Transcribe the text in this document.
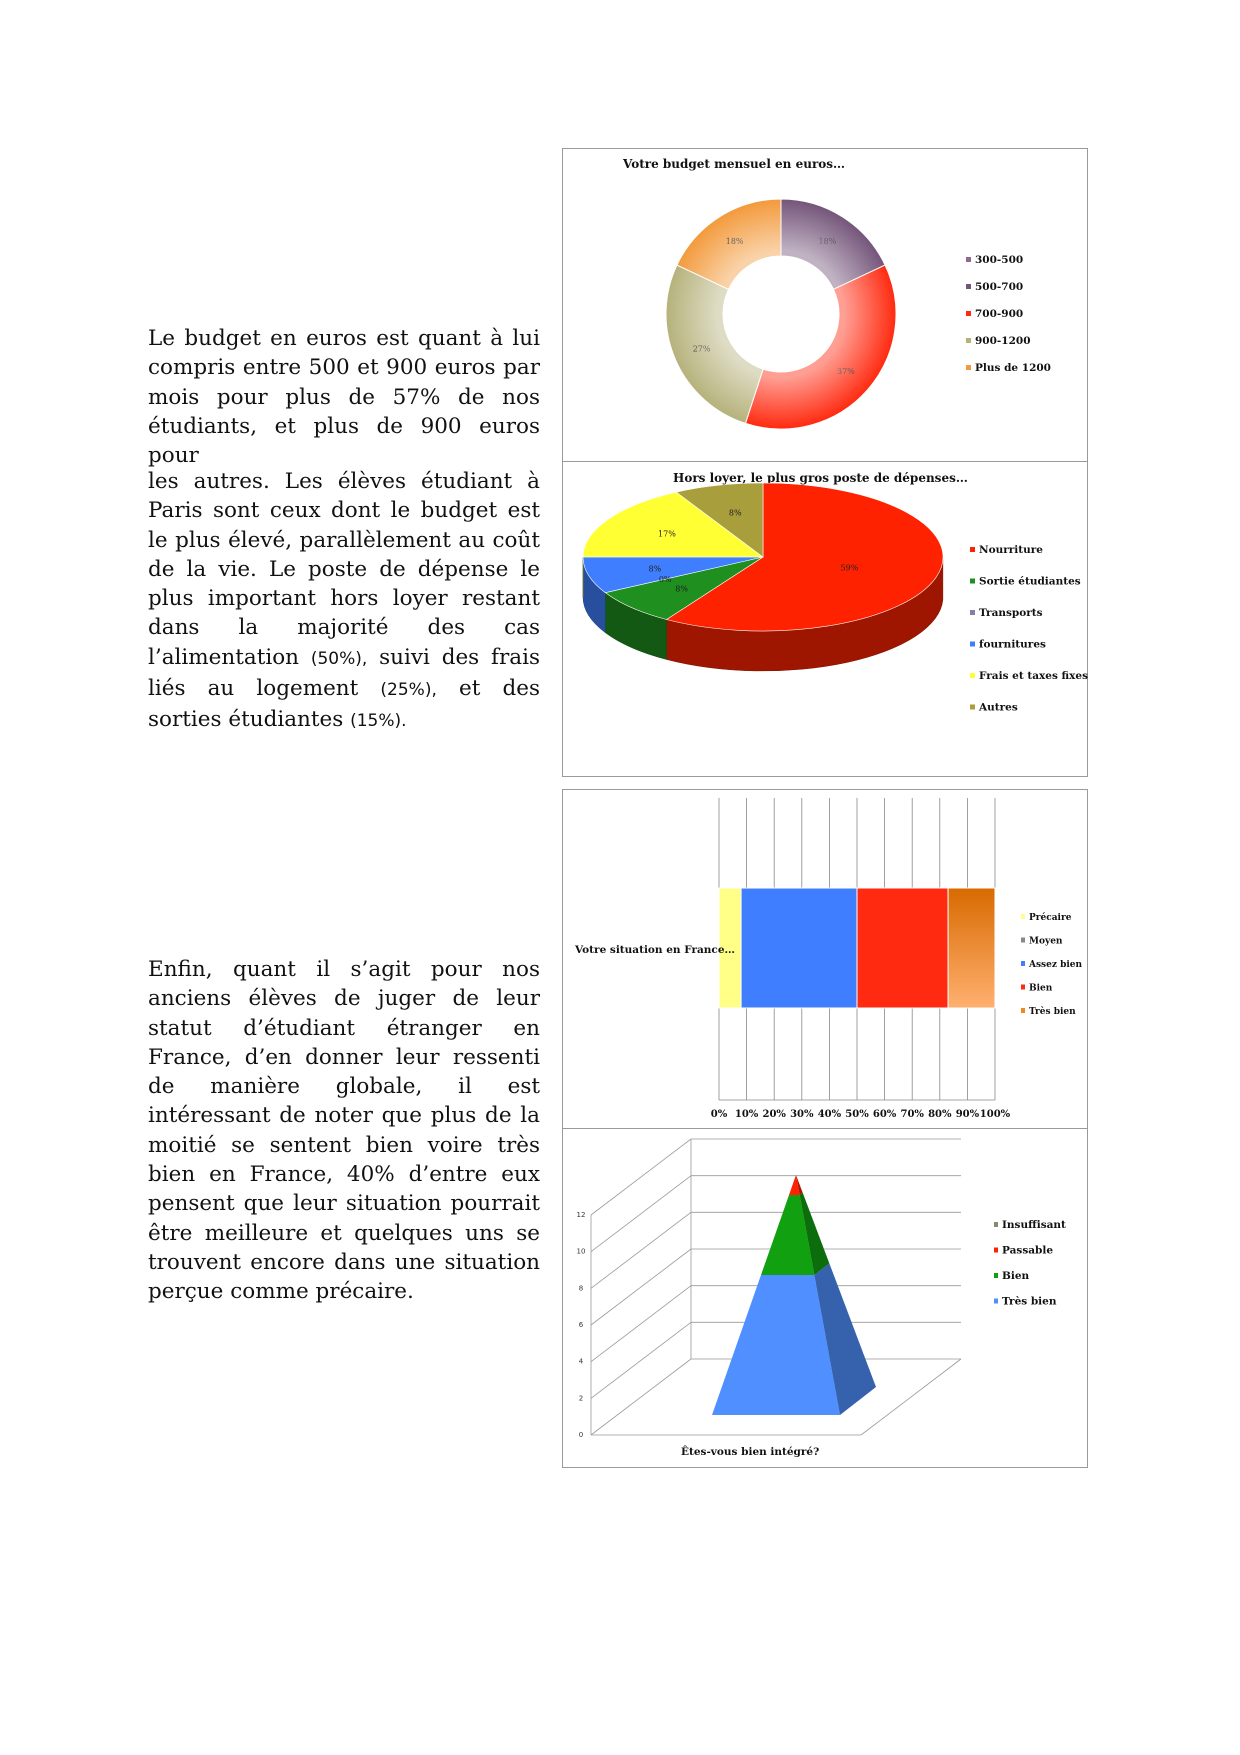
Le budget en euros est quant à lui compris entre 500 et 900 euros par mois pour plus de 57% de nos étudiants, et plus de 900 euros pour

les autres. Les élèves étudiant à Paris sont ceux dont le budget est le plus élevé, parallèlement au coût de la vie. Le poste de dépense le plus important hors loyer restant dans la majorité des cas l’alimentation (50%), suivi des frais liés au logement (25%), et des sorties étudiantes (15%).

Enfin, quant il s’agit pour nos anciens élèves de juger de leur statut d’étudiant étranger en France, d’en donner leur ressenti de manière globale, il est intéressant de noter que plus de la moitié se sentent bien voire très bien en France, 40% d’entre eux pensent que leur situation pourrait être meilleure et quelques uns se trouvent encore dans une situation perçue comme précaire.

Votre budget mensuel en euros…
300-500
500-700
700-900
900-1200
Plus de 1200
Hors loyer, le plus gros poste de dépenses…
59%
8%
0%
8%
17%
8%
Nourriture
Sortie étudiantes
Transports
fournitures
Frais et taxes fixes
Autres
Votre situation en France…
0% 10% 20% 30% 40% 50% 60% 70% 80% 90% 100%
Précaire
Moyen
Assez bien
Bien
Très bien
0
2
4
6
8
10
12
Êtes-vous bien intégré?
Insuffisant
Passable
Bien
Très bien
